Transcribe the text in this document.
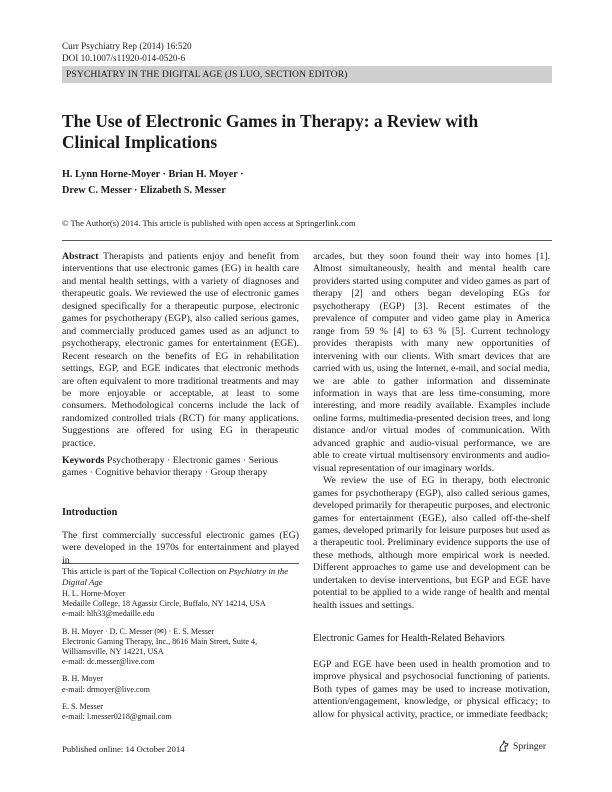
Curr Psychiatry Rep (2014) 16:520
DOI 10.1007/s11920-014-0520-6
PSYCHIATRY IN THE DIGITAL AGE (JS LUO, SECTION EDITOR)
The Use of Electronic Games in Therapy: a Review with Clinical Implications
H. Lynn Horne-Moyer · Brian H. Moyer ·
Drew C. Messer · Elizabeth S. Messer
© The Author(s) 2014. This article is published with open access at Springerlink.com

Abstract Therapists and patients enjoy and benefit from interventions that use electronic games (EG) in health care and mental health settings, with a variety of diagnoses and therapeutic goals. We reviewed the use of electronic games designed specifically for a therapeutic purpose, electronic games for psychotherapy (EGP), also called serious games, and commercially produced games used as an adjunct to psychotherapy, electronic games for entertainment (EGE). Recent research on the benefits of EG in rehabilitation settings, EGP, and EGE indicates that electronic methods are often equivalent to more traditional treatments and may be more enjoyable or acceptable, at least to some consumers. Methodological concerns include the lack of randomized controlled trials (RCT) for many applications. Suggestions are offered for using EG in therapeutic practice.

Keywords Psychotherapy · Electronic games · Serious games · Cognitive behavior therapy · Group therapy

Introduction

The first commercially successful electronic games (EG) were developed in the 1970s for entertainment and played in

This article is part of the Topical Collection on Psychiatry in the Digital Age

H. L. Horne-Moyer

Medaille College, 18 Agassiz Circle, Buffalo, NY 14214, USA

e-mail: hlh33@medaille.edu

B. H. Moyer · D. C. Messer (✉) · E. S. Messer

Electronic Gaming Therapy, Inc., 8616 Main Street, Suite 4, Williamsville, NY 14221, USA

e-mail: dc.messer@live.com

B. H. Moyer

e-mail: drmoyer@live.com

E. S. Messer

e-mail: l.messer0218@gmail.com

arcades, but they soon found their way into homes [1]. Almost simultaneously, health and mental health care providers started using computer and video games as part of therapy [2] and others began developing EGs for psychotherapy (EGP) [3]. Recent estimates of the prevalence of computer and video game play in America range from 59 % [4] to 63 % [5]. Current technology provides therapists with many new opportunities of intervening with our clients. With smart devices that are carried with us, using the Internet, e-mail, and social media, we are able to gather information and disseminate information in ways that are less time-consuming, more interesting, and more readily available. Examples include online forms, multimedia-presented decision trees, and long distance and/or virtual modes of communication. With advanced graphic and audio-visual performance, we are able to create virtual multisensory environments and audio-visual representation of our imaginary worlds.

We review the use of EG in therapy, both electronic games for psychotherapy (EGP), also called serious games, developed primarily for therapeutic purposes, and electronic games for entertainment (EGE), also called off-the-shelf games, developed primarily for leisure purposes but used as a therapeutic tool. Preliminary evidence supports the use of these methods, although more empirical work is needed. Different approaches to game use and development can be undertaken to devise interventions, but EGP and EGE have potential to be applied to a wide range of health and mental health issues and settings.

Electronic Games for Health-Related Behaviors

EGP and EGE have been used in health promotion and to improve physical and psychosocial functioning of patients. Both types of games may be used to increase motivation, attention/engagement, knowledge, or physical efficacy; to allow for physical activity, practice, or immediate feedback;

Published online: 14 October 2014	Springer
